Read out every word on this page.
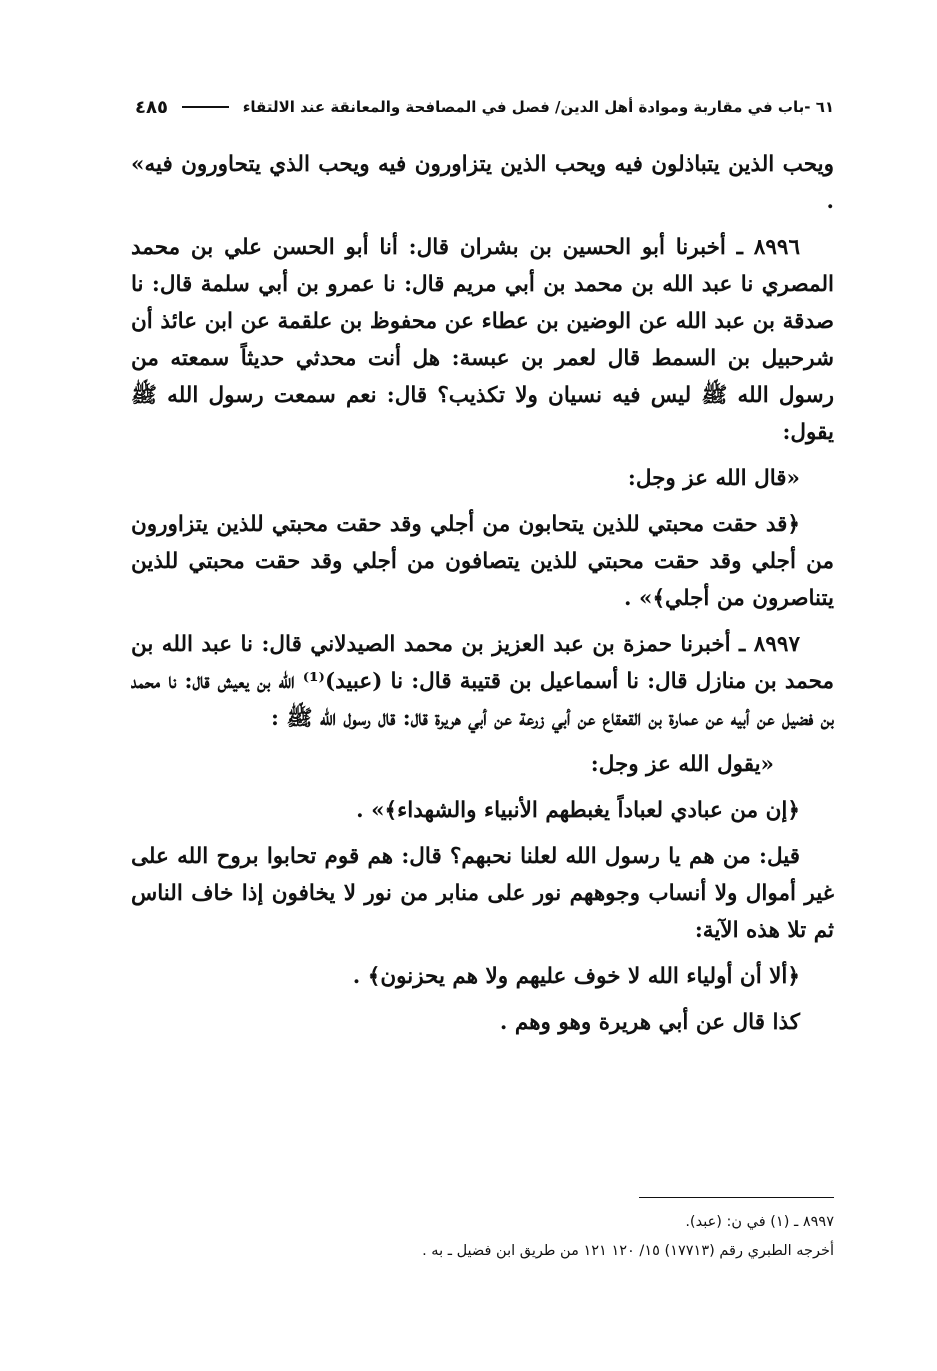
٦١ -باب في مقاربة وموادة أهل الدين/ فصل في المصافحة والمعانقة عند الالتقاء
٤٨٥

ويحب الذين يتباذلون فيه ويحب الذين يتزاورون فيه ويحب الذي يتحاورون فيه» .

٨٩٩٦ ـ أخبرنا أبو الحسين بن بشران قال: أنا أبو الحسن علي بن محمد المصري نا عبد الله بن محمد بن أبي مريم قال: نا عمرو بن أبي سلمة قال: نا صدقة بن عبد الله عن الوضين بن عطاء عن محفوظ بن علقمة عن ابن عائذ أن شرحبيل بن السمط قال لعمر بن عبسة: هل أنت محدثي حديثاً سمعته من رسول الله ﷺ ليس فيه نسيان ولا تكذيب؟ قال: نعم سمعت رسول الله ﷺ يقول:

«قال الله عز وجل:

﴿قد حقت محبتي للذين يتحابون من أجلي وقد حقت محبتي للذين يتزاورون من أجلي وقد حقت محبتي للذين يتصافون من أجلي وقد حقت محبتي للذين يتناصرون من أجلي﴾» .

٨٩٩٧ ـ أخبرنا حمزة بن عبد العزيز بن محمد الصيدلاني قال: نا عبد الله بن محمد بن منازل قال: نا أسماعيل بن قتيبة قال: نا (عبيد)⁽¹⁾ الله بن يعيش قال: نا محمد بن فضيل عن أبيه عن عمارة بن القعقاع عن أبي زرعة عن أبي هريرة قال: قال رسول الله ﷺ :

«يقول الله عز وجل:

﴿إن من عبادي لعباداً يغبطهم الأنبياء والشهداء﴾» .

قيل: من هم يا رسول الله لعلنا نحبهم؟ قال: هم قوم تحابوا بروح الله على غير أموال ولا أنساب وجوههم نور على منابر من نور لا يخافون إذا خاف الناس ثم تلا هذه الآية:

﴿ألا أن أولياء الله لا خوف عليهم ولا هم يحزنون﴾ .

كذا قال عن أبي هريرة وهو وهم .

٨٩٩٧ ـ (١) في ن: (عبد).

أخرجه الطبري رقم (١٧٧١٣) ١٥/ ١٢٠ ١٢١ من طريق ابن فضيل ـ به .
